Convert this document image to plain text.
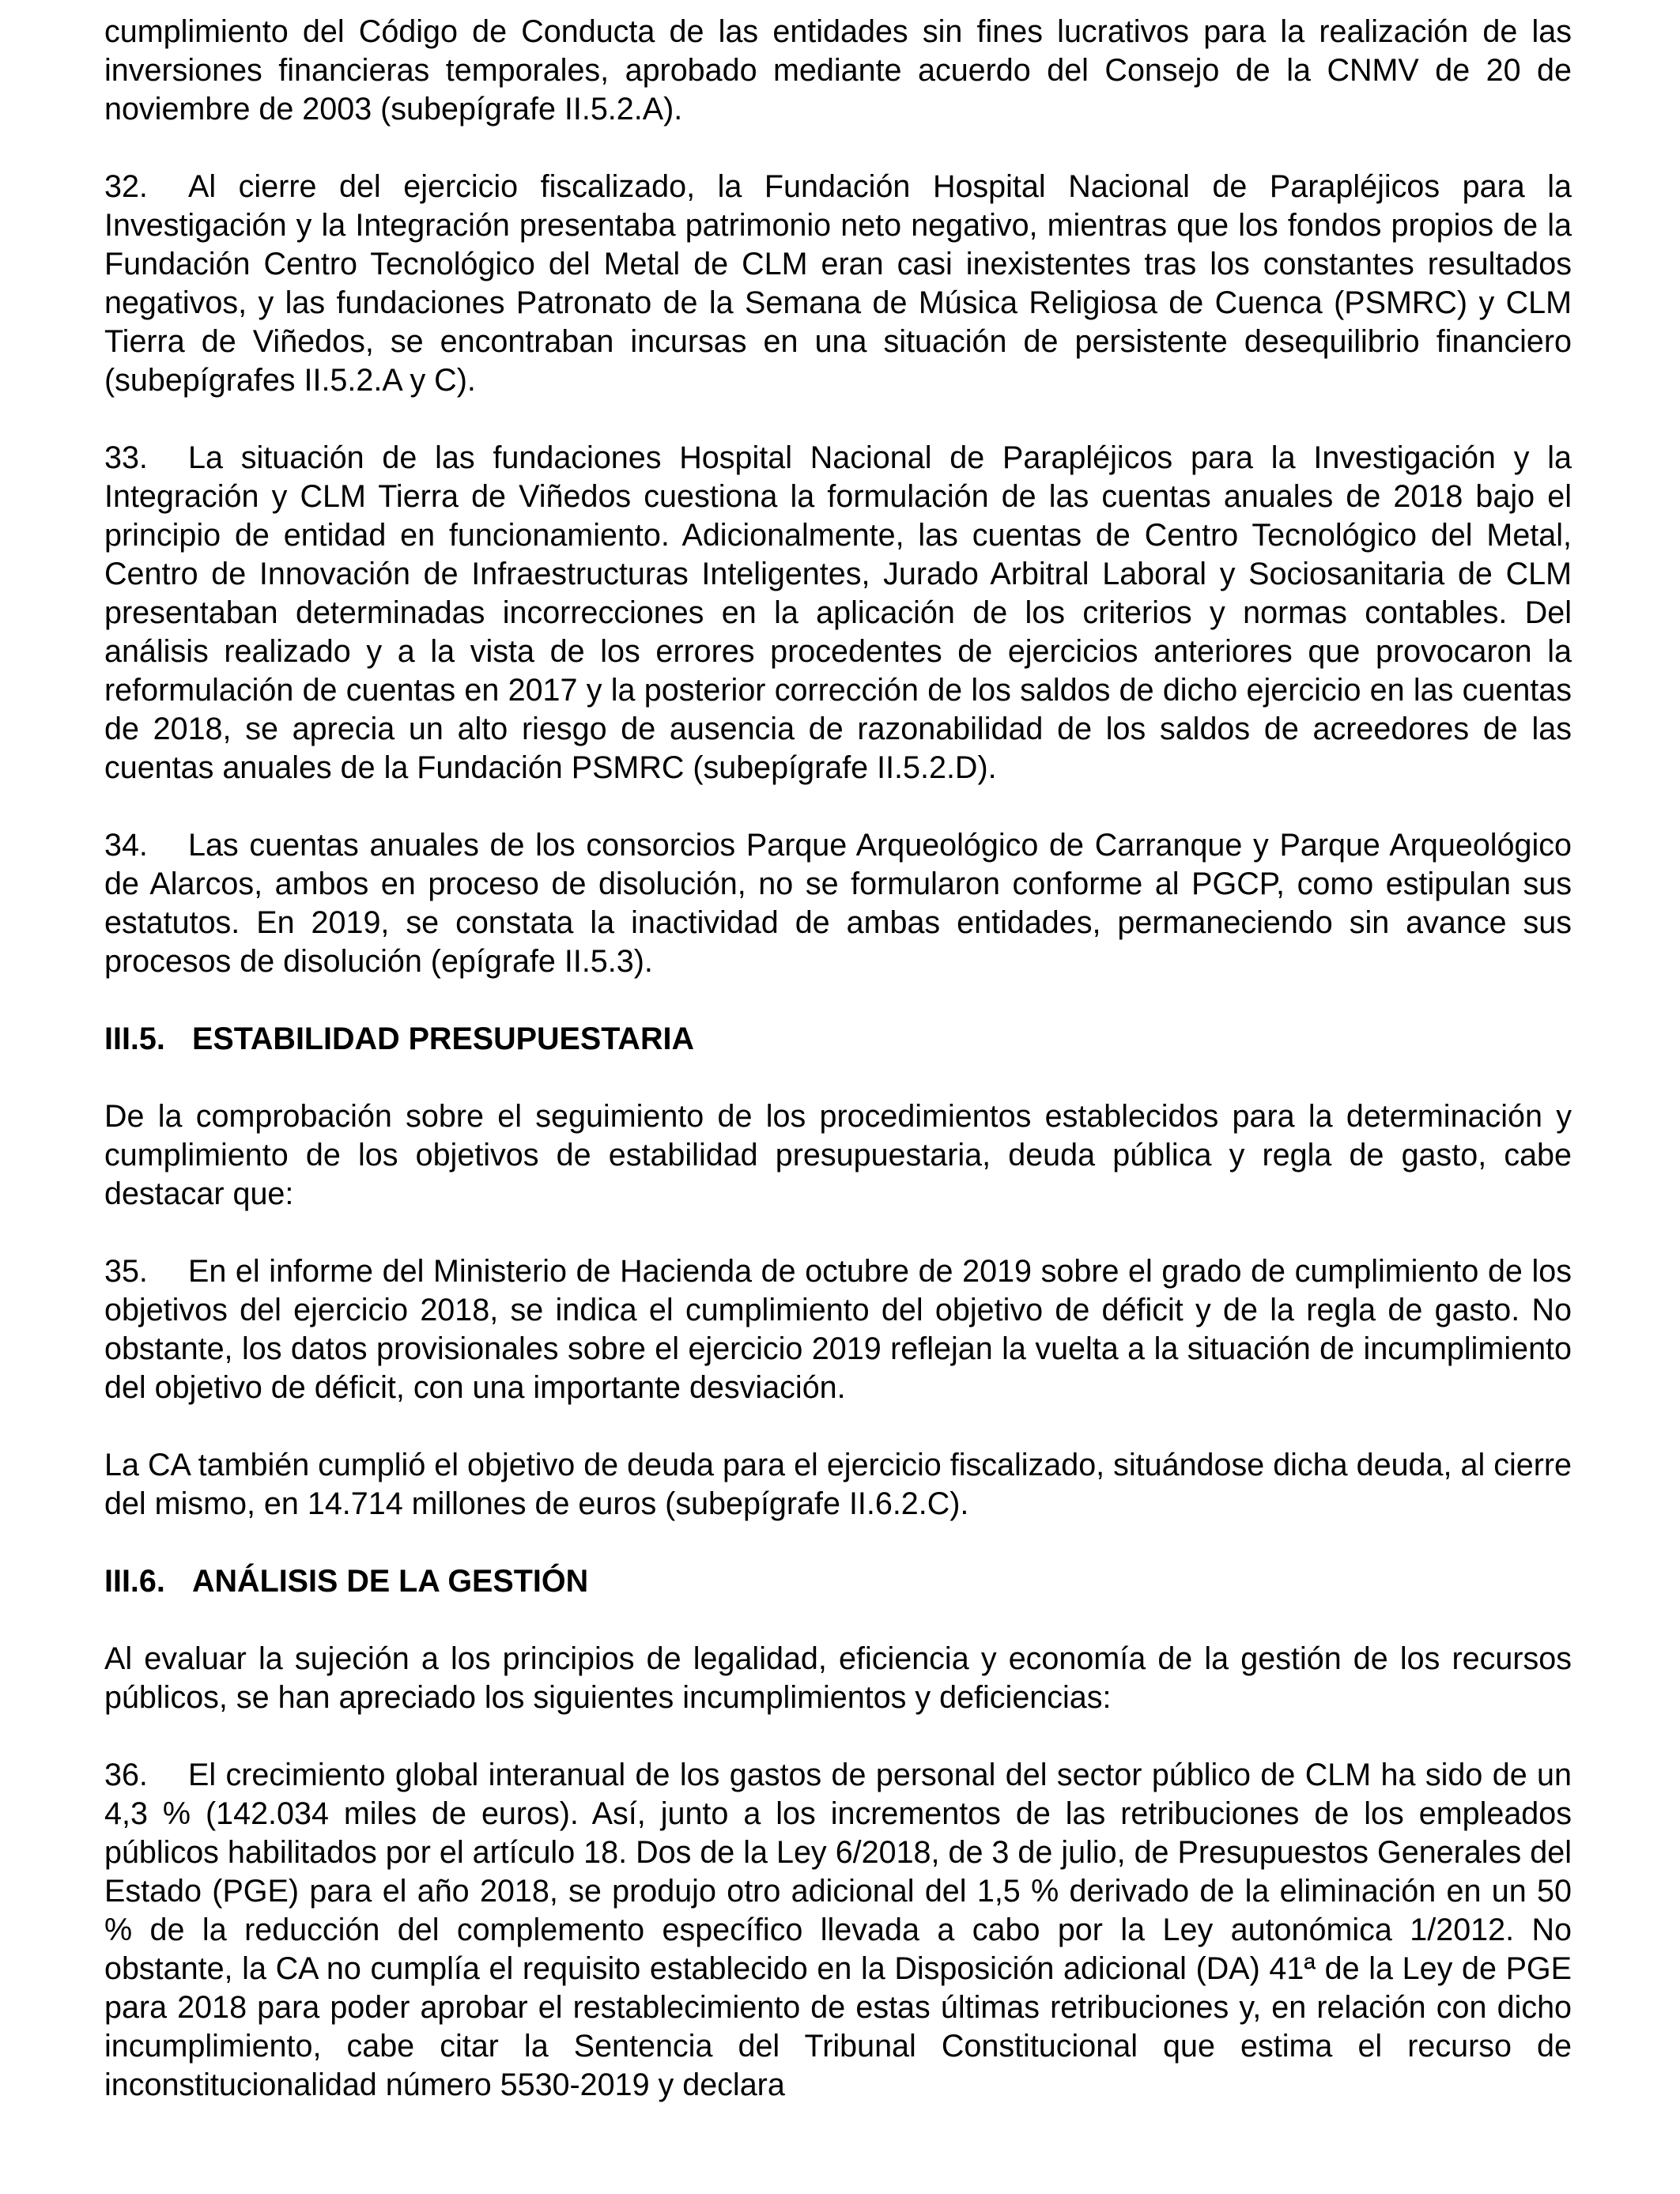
cumplimiento del Código de Conducta de las entidades sin fines lucrativos para la realización de las inversiones financieras temporales, aprobado mediante acuerdo del Consejo de la CNMV de 20 de noviembre de 2003 (subepígrafe II.5.2.A).

32. Al cierre del ejercicio fiscalizado, la Fundación Hospital Nacional de Parapléjicos para la Investigación y la Integración presentaba patrimonio neto negativo, mientras que los fondos propios de la Fundación Centro Tecnológico del Metal de CLM eran casi inexistentes tras los constantes resultados negativos, y las fundaciones Patronato de la Semana de Música Religiosa de Cuenca (PSMRC) y CLM Tierra de Viñedos, se encontraban incursas en una situación de persistente desequilibrio financiero (subepígrafes II.5.2.A y C).

33. La situación de las fundaciones Hospital Nacional de Parapléjicos para la Investigación y la Integración y CLM Tierra de Viñedos cuestiona la formulación de las cuentas anuales de 2018 bajo el principio de entidad en funcionamiento. Adicionalmente, las cuentas de Centro Tecnológico del Metal, Centro de Innovación de Infraestructuras Inteligentes, Jurado Arbitral Laboral y Sociosanitaria de CLM presentaban determinadas incorrecciones en la aplicación de los criterios y normas contables. Del análisis realizado y a la vista de los errores procedentes de ejercicios anteriores que provocaron la reformulación de cuentas en 2017 y la posterior corrección de los saldos de dicho ejercicio en las cuentas de 2018, se aprecia un alto riesgo de ausencia de razonabilidad de los saldos de acreedores de las cuentas anuales de la Fundación PSMRC (subepígrafe II.5.2.D).

34. Las cuentas anuales de los consorcios Parque Arqueológico de Carranque y Parque Arqueológico de Alarcos, ambos en proceso de disolución, no se formularon conforme al PGCP, como estipulan sus estatutos. En 2019, se constata la inactividad de ambas entidades, permaneciendo sin avance sus procesos de disolución (epígrafe II.5.3).

III.5. ESTABILIDAD PRESUPUESTARIA

De la comprobación sobre el seguimiento de los procedimientos establecidos para la determinación y cumplimiento de los objetivos de estabilidad presupuestaria, deuda pública y regla de gasto, cabe destacar que:

35. En el informe del Ministerio de Hacienda de octubre de 2019 sobre el grado de cumplimiento de los objetivos del ejercicio 2018, se indica el cumplimiento del objetivo de déficit y de la regla de gasto. No obstante, los datos provisionales sobre el ejercicio 2019 reflejan la vuelta a la situación de incumplimiento del objetivo de déficit, con una importante desviación.

La CA también cumplió el objetivo de deuda para el ejercicio fiscalizado, situándose dicha deuda, al cierre del mismo, en 14.714 millones de euros (subepígrafe II.6.2.C).

III.6. ANÁLISIS DE LA GESTIÓN

Al evaluar la sujeción a los principios de legalidad, eficiencia y economía de la gestión de los recursos públicos, se han apreciado los siguientes incumplimientos y deficiencias:

36. El crecimiento global interanual de los gastos de personal del sector público de CLM ha sido de un 4,3 % (142.034 miles de euros). Así, junto a los incrementos de las retribuciones de los empleados públicos habilitados por el artículo 18. Dos de la Ley 6/2018, de 3 de julio, de Presupuestos Generales del Estado (PGE) para el año 2018, se produjo otro adicional del 1,5 % derivado de la eliminación en un 50 % de la reducción del complemento específico llevada a cabo por la Ley autonómica 1/2012. No obstante, la CA no cumplía el requisito establecido en la Disposición adicional (DA) 41ª de la Ley de PGE para 2018 para poder aprobar el restablecimiento de estas últimas retribuciones y, en relación con dicho incumplimiento, cabe citar la Sentencia del Tribunal Constitucional que estima el recurso de inconstitucionalidad número 5530-2019 y declara
